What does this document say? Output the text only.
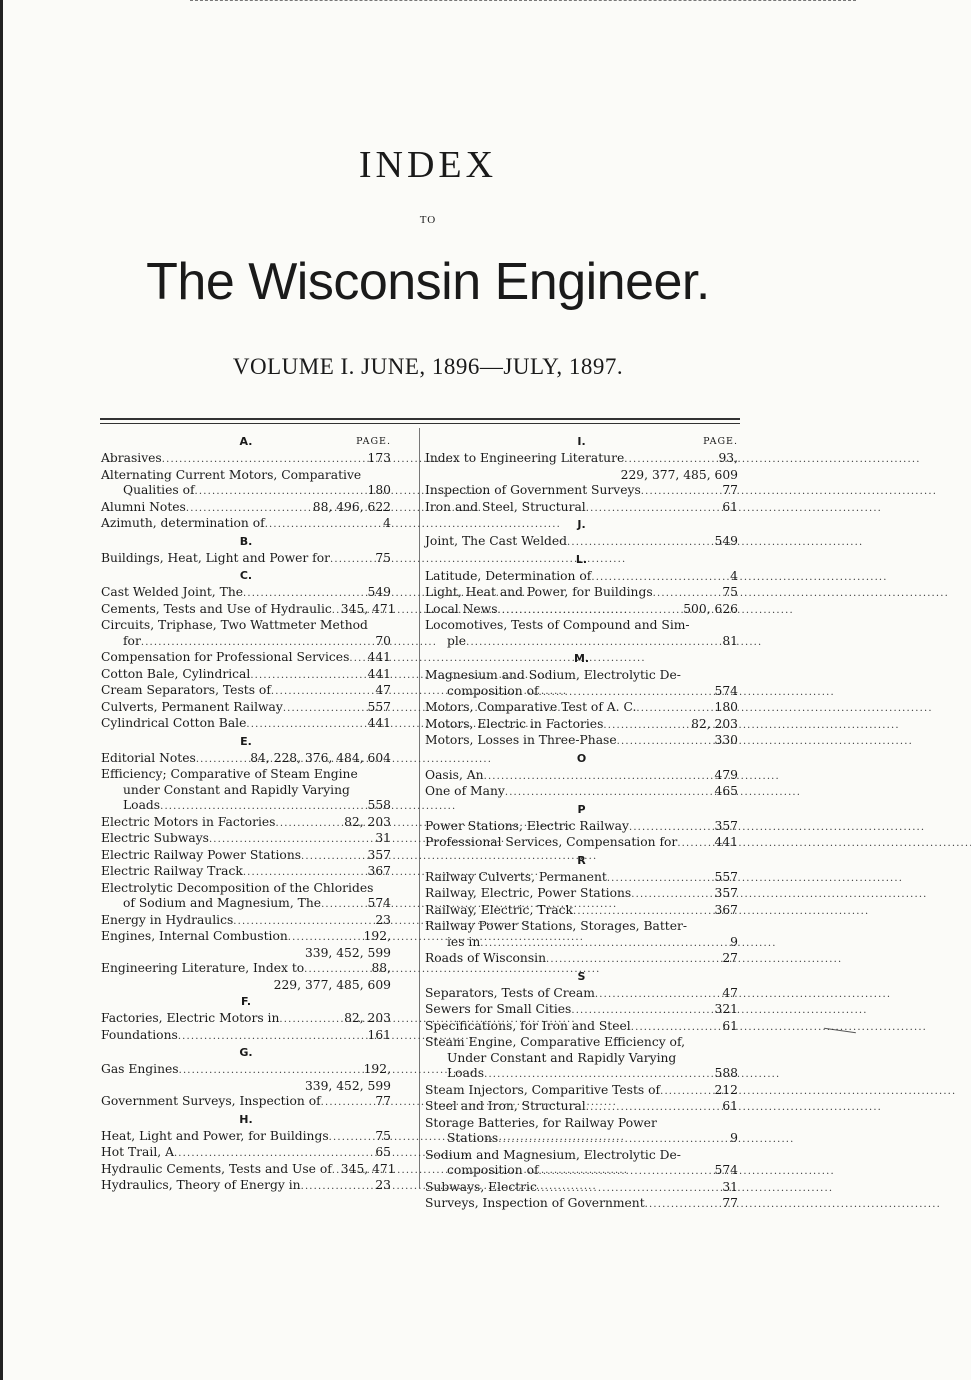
INDEX
TO
The Wisconsin Engineer.
VOLUME I. JUNE, 1896—JULY, 1897.
A.	PAGE.
Abrasives . . .	173
Alternating Current Motors, Comparative
Qualities of . . .	180
Alumni Notes . . .	88, 496, 622
Azimuth, determination of . . .	4
B.
Buildings, Heat, Light and Power for . . .	75
C.
Cast Welded Joint, The . . .	549
Cements, Tests and Use of Hydraulic . . . 345, 471
Circuits, Triphase, Two Wattmeter Method
for . . .	70
Compensation for Professional Services . . . 441
Cotton Bale, Cylindrical . . .	441
Cream Separators, Tests of . . .	47
Culverts, Permanent Railway . . .	557
Cylindrical Cotton Bale . . .	441
E.
Editorial Notes . . .	84, 228, 376, 484, 604
Efficiency; Comparative of Steam Engine
under Constant and Rapidly Varying
Loads . . .	558
Electric Motors in Factories . . .	82, 203
Electric Subways . . .	31
Electric Railway Power Stations . . .	357
Electric Railway Track . . .	367
Electrolytic Decomposition of the Chlorides
of Sodium and Magnesium, The . . .	574
Energy in Hydraulics . . .	23
Engines, Internal Combustion . . .	192,
339, 452, 599
Engineering Literature, Index to . . .	88,
229, 377, 485, 609
F.
Factories, Electric Motors in . . .	82, 203
Foundations . . .	161
G.
Gas Engines . . .	192,
339, 452, 599
Government Surveys, Inspection of . . .	77
H.
Heat, Light and Power, for Buildings . . .	75
Hot Trail, A . . .	65
Hydraulic Cements, Tests and Use of . . . 345, 471
Hydraulics, Theory of Energy in . . .	23
I.	PAGE.
Index to Engineering Literature . . .	93,
229, 377, 485, 609
Inspection of Government Surveys . . .	77
Iron and Steel, Structural . . .	61
J.
Joint, The Cast Welded . . .	549
L.
Latitude, Determination of . . .	4
Light, Heat and Power, for Buildings . . .	75
Local News . . .	500, 626
Locomotives, Tests of Compound and Sim-
ple . . .	81
M.
Magnesium and Sodium, Electrolytic De-
composition of . . .	574
Motors, Comparative Test of A. C. . . .	180
Motors, Electric in Factories . . .	82, 203
Motors, Losses in Three-Phase . . .	330
O
Oasis, An . . .	479
One of Many . . .	465
P
Power Stations, Electric Railway . . .	357
Professional Services, Compensation for . . .	441
R
Railway Culverts, Permanent . . .	557
Railway, Electric, Power Stations . . .	357
Railway, Electric, Track . . .	367
Railway Power Stations, Storages, Batter-
ies in . . .	9
Roads of Wisconsin . . .	27
S
Separators, Tests of Cream . . .	47
Sewers for Small Cities . . .	321
Specifications, for Iron and Steel . . .	61
Steam Engine, Comparative Efficiency of,
Under Constant and Rapidly Varying
Loads . . .	588
Steam Injectors, Comparitive Tests of . . .	212
Steel and Iron, Structural . . .	61
Storage Batteries, for Railway Power
Stations . . .	9
Sodium and Magnesium, Electrolytic De-
composition of . . .	574
Subways, Electric . . .	31
Surveys, Inspection of Government . . .	77
